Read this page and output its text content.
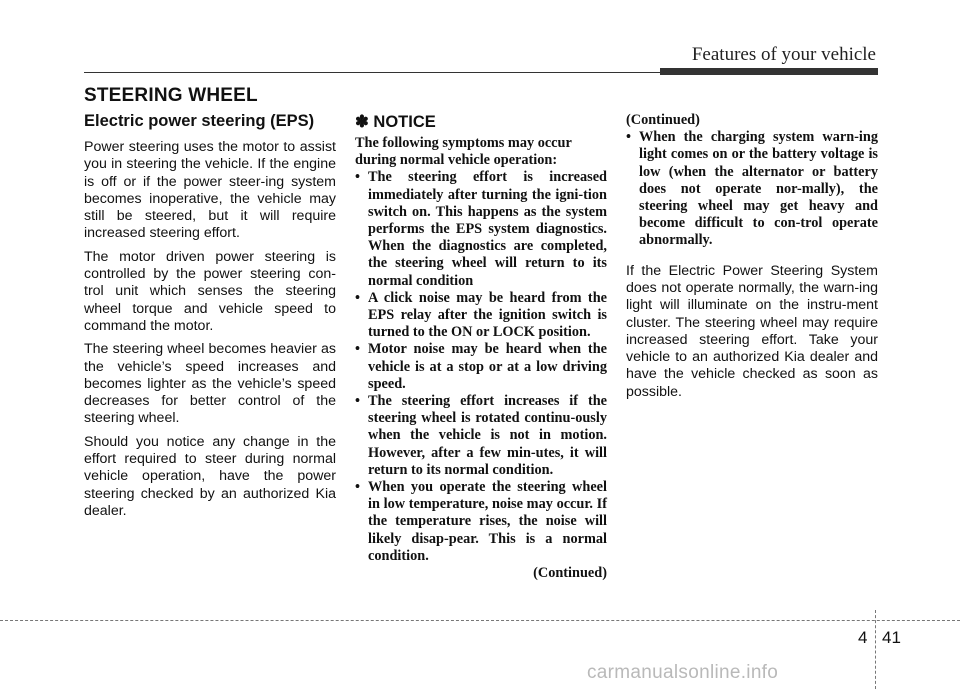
Features of your vehicle
STEERING WHEEL
Electric power steering (EPS)

Power steering uses the motor to assist you in steering the vehicle. If the engine is off or if the power steer-ing system becomes inoperative, the vehicle may still be steered, but it will require increased steering effort.

The motor driven power steering is controlled by the power steering con-trol unit which senses the steering wheel torque and vehicle speed to command the motor.

The steering wheel becomes heavier as the vehicle’s speed increases and becomes lighter as the vehicle’s speed decreases for better control of the steering wheel.

Should you notice any change in the effort required to steer during normal vehicle operation, have the power steering checked by an authorized Kia dealer.

✽ NOTICE

The following symptoms may occur during normal vehicle operation:

• The steering effort is increased immediately after turning the igni-tion switch on. This happens as the system performs the EPS system diagnostics. When the diagnostics are completed, the steering wheel will return to its normal condition
• A click noise may be heard from the EPS relay after the ignition switch is turned to the ON or LOCK position.
• Motor noise may be heard when the vehicle is at a stop or at a low driving speed.
• The steering effort increases if the steering wheel is rotated continu-ously when the vehicle is not in motion. However, after a few min-utes, it will return to its normal condition.
• When you operate the steering wheel in low temperature, noise may occur. If the temperature rises, the noise will likely disap-pear. This is a normal condition.
(Continued)
(Continued)
• When the charging system warn-ing light comes on or the battery voltage is low (when the alternator or battery does not operate nor-mally), the steering wheel may get heavy and become difficult to con-trol operate abnormally.

If the Electric Power Steering System does not operate normally, the warn-ing light will illuminate on the instru-ment cluster. The steering wheel may require increased steering effort. Take your vehicle to an authorized Kia dealer and have the vehicle checked as soon as possible.

4 41
carmanualsonline.info
